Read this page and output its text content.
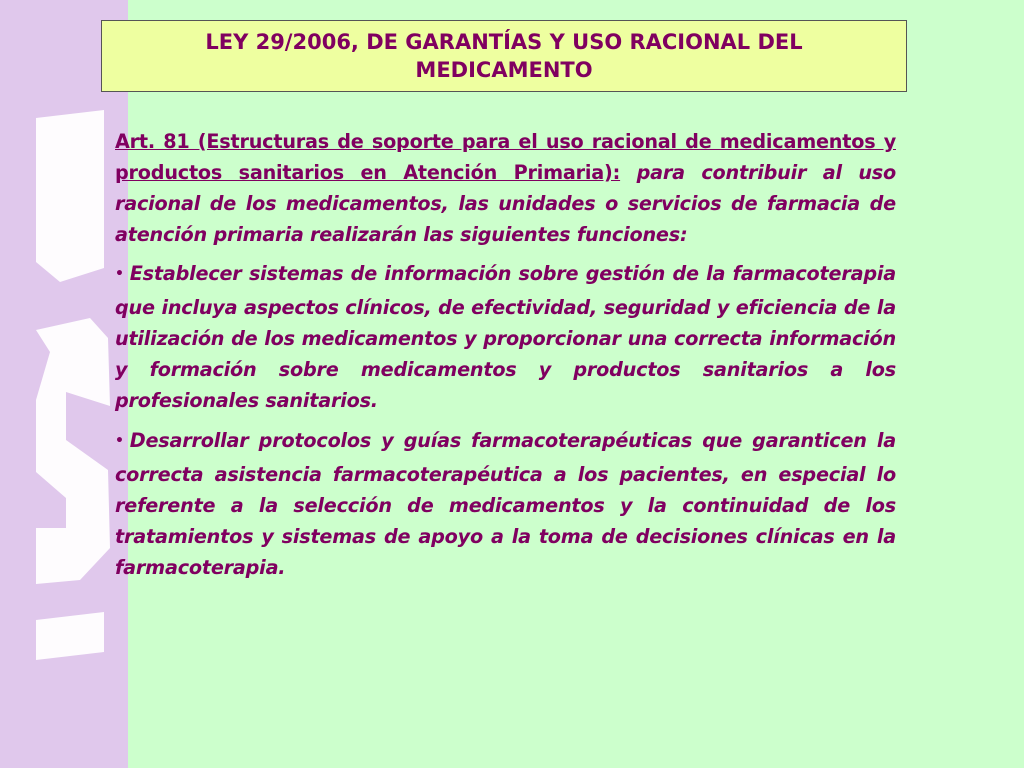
LEY 29/2006, DE GARANTÍAS Y USO RACIONAL DEL MEDICAMENTO

Art. 81 (Estructuras de soporte para el uso racional de medicamentos y productos sanitarios en Atención Primaria): para contribuir al uso racional de los medicamentos, las unidades o servicios de farmacia de atención primaria realizarán las siguientes funciones:

• Establecer sistemas de información sobre gestión de la farmacoterapia que incluya aspectos clínicos, de efectividad, seguridad y eficiencia de la utilización de los medicamentos y proporcionar una correcta información y formación sobre medicamentos y productos sanitarios a los profesionales sanitarios.

• Desarrollar protocolos y guías farmacoterapéuticas que garanticen la correcta asistencia farmacoterapéutica a los pacientes, en especial lo referente a la selección de medicamentos y la continuidad de los tratamientos y sistemas de apoyo a la toma de decisiones clínicas en la farmacoterapia.
